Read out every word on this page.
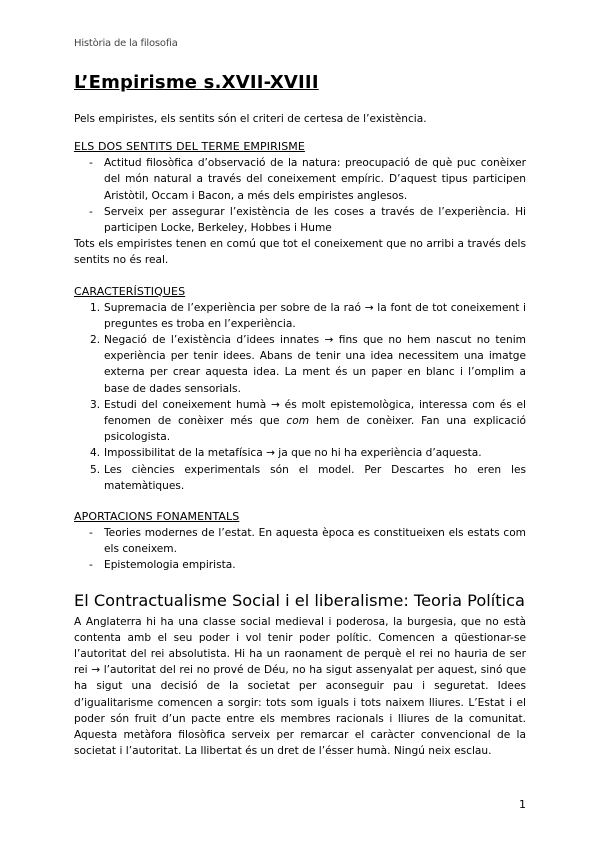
Història de la filosofia
L’Empirisme s.XVII-XVIII

Pels empiristes, els sentits són el criteri de certesa de l’existència.

ELS DOS SENTITS DEL TERME EMPIRISME
- Actitud filosòfica d’observació de la natura: preocupació de què puc conèixer del món natural a través del coneixement empíric. D’aquest tipus participen Aristòtil, Occam i Bacon, a més dels empiristes anglesos.
- Serveix per assegurar l’existència de les coses a través de l’experiència. Hi participen Locke, Berkeley, Hobbes i Hume

Tots els empiristes tenen en comú que tot el coneixement que no arribi a través dels sentits no és real.

CARACTERÍSTIQUES
1. Supremacia de l’experiència per sobre de la raó → la font de tot coneixement i preguntes es troba en l’experiència.
2. Negació de l’existència d’idees innates → fins que no hem nascut no tenim experiència per tenir idees. Abans de tenir una idea necessitem una imatge externa per crear aquesta idea. La ment és un paper en blanc i l’omplim a base de dades sensorials.
3. Estudi del coneixement humà → és molt epistemològica, interessa com és el fenomen de conèixer més que com hem de conèixer. Fan una explicació psicologista.
4. Impossibilitat de la metafísica → ja que no hi ha experiència d’aquesta.
5. Les ciències experimentals són el model. Per Descartes ho eren les matemàtiques.
APORTACIONS FONAMENTALS
- Teories modernes de l’estat. En aquesta època es constitueixen els estats com els coneixem.
- Epistemologia empirista.
El Contractualisme Social i el liberalisme: Teoria Política

A Anglaterra hi ha una classe social medieval i poderosa, la burgesia, que no està contenta amb el seu poder i vol tenir poder polític. Comencen a qüestionar-se l’autoritat del rei absolutista. Hi ha un raonament de perquè el rei no hauria de ser rei → l’autoritat del rei no prové de Déu, no ha sigut assenyalat per aquest, sinó que ha sigut una decisió de la societat per aconseguir pau i seguretat. Idees d’igualitarisme comencen a sorgir: tots som iguals i tots naixem lliures. L’Estat i el poder són fruit d’un pacte entre els membres racionals i lliures de la comunitat. Aquesta metàfora filosòfica serveix per remarcar el caràcter convencional de la societat i l’autoritat. La llibertat és un dret de l’ésser humà. Ningú neix esclau.

1
